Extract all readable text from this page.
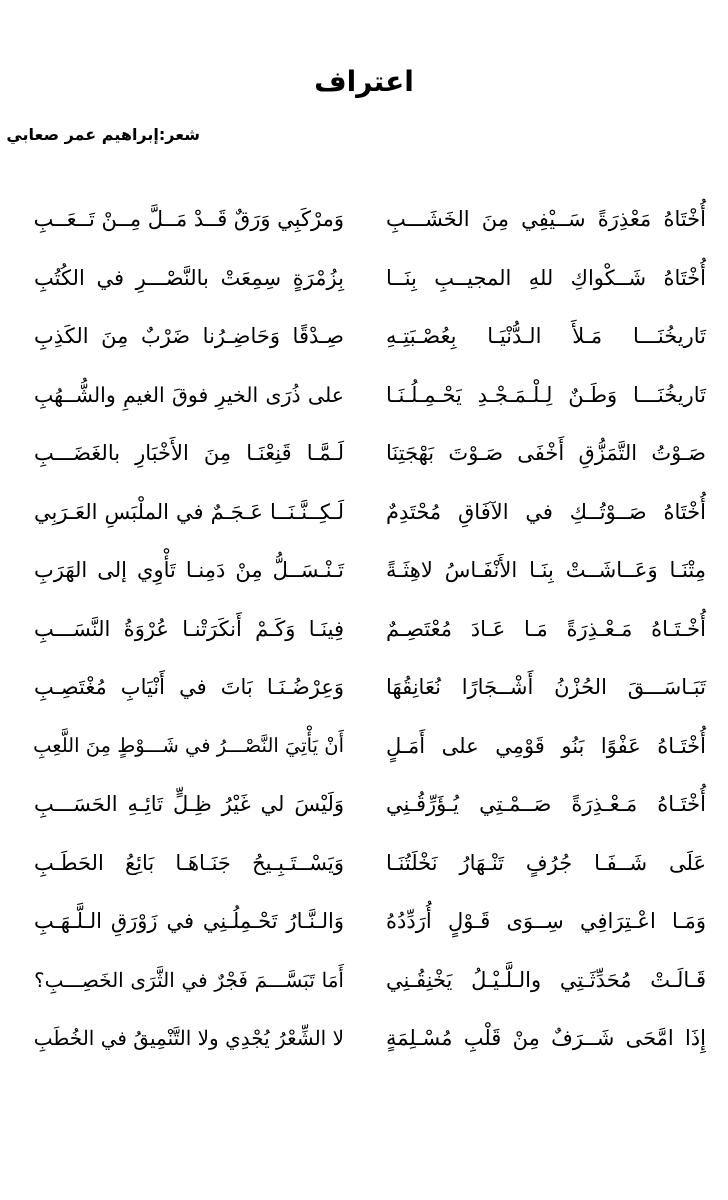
اعتراف
شعر:إبراهيم عمر صعابي
أُخْتَاهُ مَعْذِرَةً سَــيْفِي مِنَ الخَشَـــبِ
وَمرْكَبِي وَرَقٌ قَــدْ مَــلَّ مِــنْ تَــعَــبِ
أُخْتَاهُ شَــكْواكِ للهِ المجيــبِ بِنَــا
بِزُمْرَةٍ سِمِعَتْ بالنَّصْـــرِ في الكُتُبِ
تَاريخُنَـــا مَـلأَ الـدُّنْيَـا بِعُصْـبَتِـهِ
صِـدْقًا وَحَاضِـرُنا ضَرْبٌ مِنَ الكَذِبِ
تَاريخُنَـــا وَطَـنٌ لِـلْـمَـجْـدِ يَحْـمِـلُـنَـا
على ذُرَى الخيرِ فوقَ الغيمِ والشُّــهُبِ
صَـوْتُ التَّمَزُّقِ أَخْفَى صَـوْتَ بَهْجَتِنَا
لَـمَّـا قَنِعْنَـا مِنَ الأَخْبَارِ بالغَضَـــبِ
أُخْتَاهُ صَــوْتُــكِ في الآفَاقِ مُحْتَدِمٌ
لَـكِــنَّـنَــا عَـجَـمٌ في الملْبَسِ العَـرَبِي
مِتْنَـا وَعَــاشَــتْ بِنَـا الأَنْفَـاسُ لاهِثَـةً
تَـنْـسَــلُّ مِنْ دَمِنـا تَأْوِي إلى الهَرَبِ
أُخْـتَـاهُ مَـعْـذِرَةً مَـا عَـادَ مُعْتَصِـمٌ
فِينَـا وَكَـمْ أَنكَرَتْنـا عُرْوَةُ النَّسَـــبِ
تَبَـاسَـــقَ الحُزْنُ أَشْــجَارًا نُعَانِقُهَا
وَعِرْضُـنَـا بَاتَ في أَنْيَابِ مُغْتَصِـبِ
أُخْتَـاهُ عَفْوًا بَنُو قَوْمِي على أَمَـلٍ
أَنْ يَأْتِيَ النَّصْـــرُ في شَـــوْطٍ مِنَ اللَّعِبِ
أُخْتَـاهُ مَـعْـذِرَةً صَــمْـتِي يُـؤَرِّقُـنِي
وَلَيْسَ لي غَيْرُ ظِـلٍّ تَائِـهِ الحَسَـــبِ
عَلَى شَــفَـا جُرُفٍ تَنْـهَارُ نَخْلَتُنَـا
وَيَسْــتَـبِـيحُ جَنَـاهَـا بَائِعُ الحَطَـبِ
وَمَـا اعْـتِرَافِي سِــوَى قَـوْلٍ أُرَدِّدُهُ
وَالـنَّـارُ تَحْـمِلُـنِي في زَوْرَقِ الـلَّـهَـبِ
قَـالَـتْ مُحَدِّثَـتِي والـلَّـيْـلُ يَخْنِقُـنِي
أَمَا تَبَسَّـــمَ فَجْرٌ في الثَّرَى الخَصِـــبِ؟
إِذَا امَّحَى شَــرَفٌ مِنْ قَلْبِ مُسْـلِمَةٍ
لا الشِّعْرُ يُجْدِي ولا التَّنْمِيقُ في الخُطَبِ
